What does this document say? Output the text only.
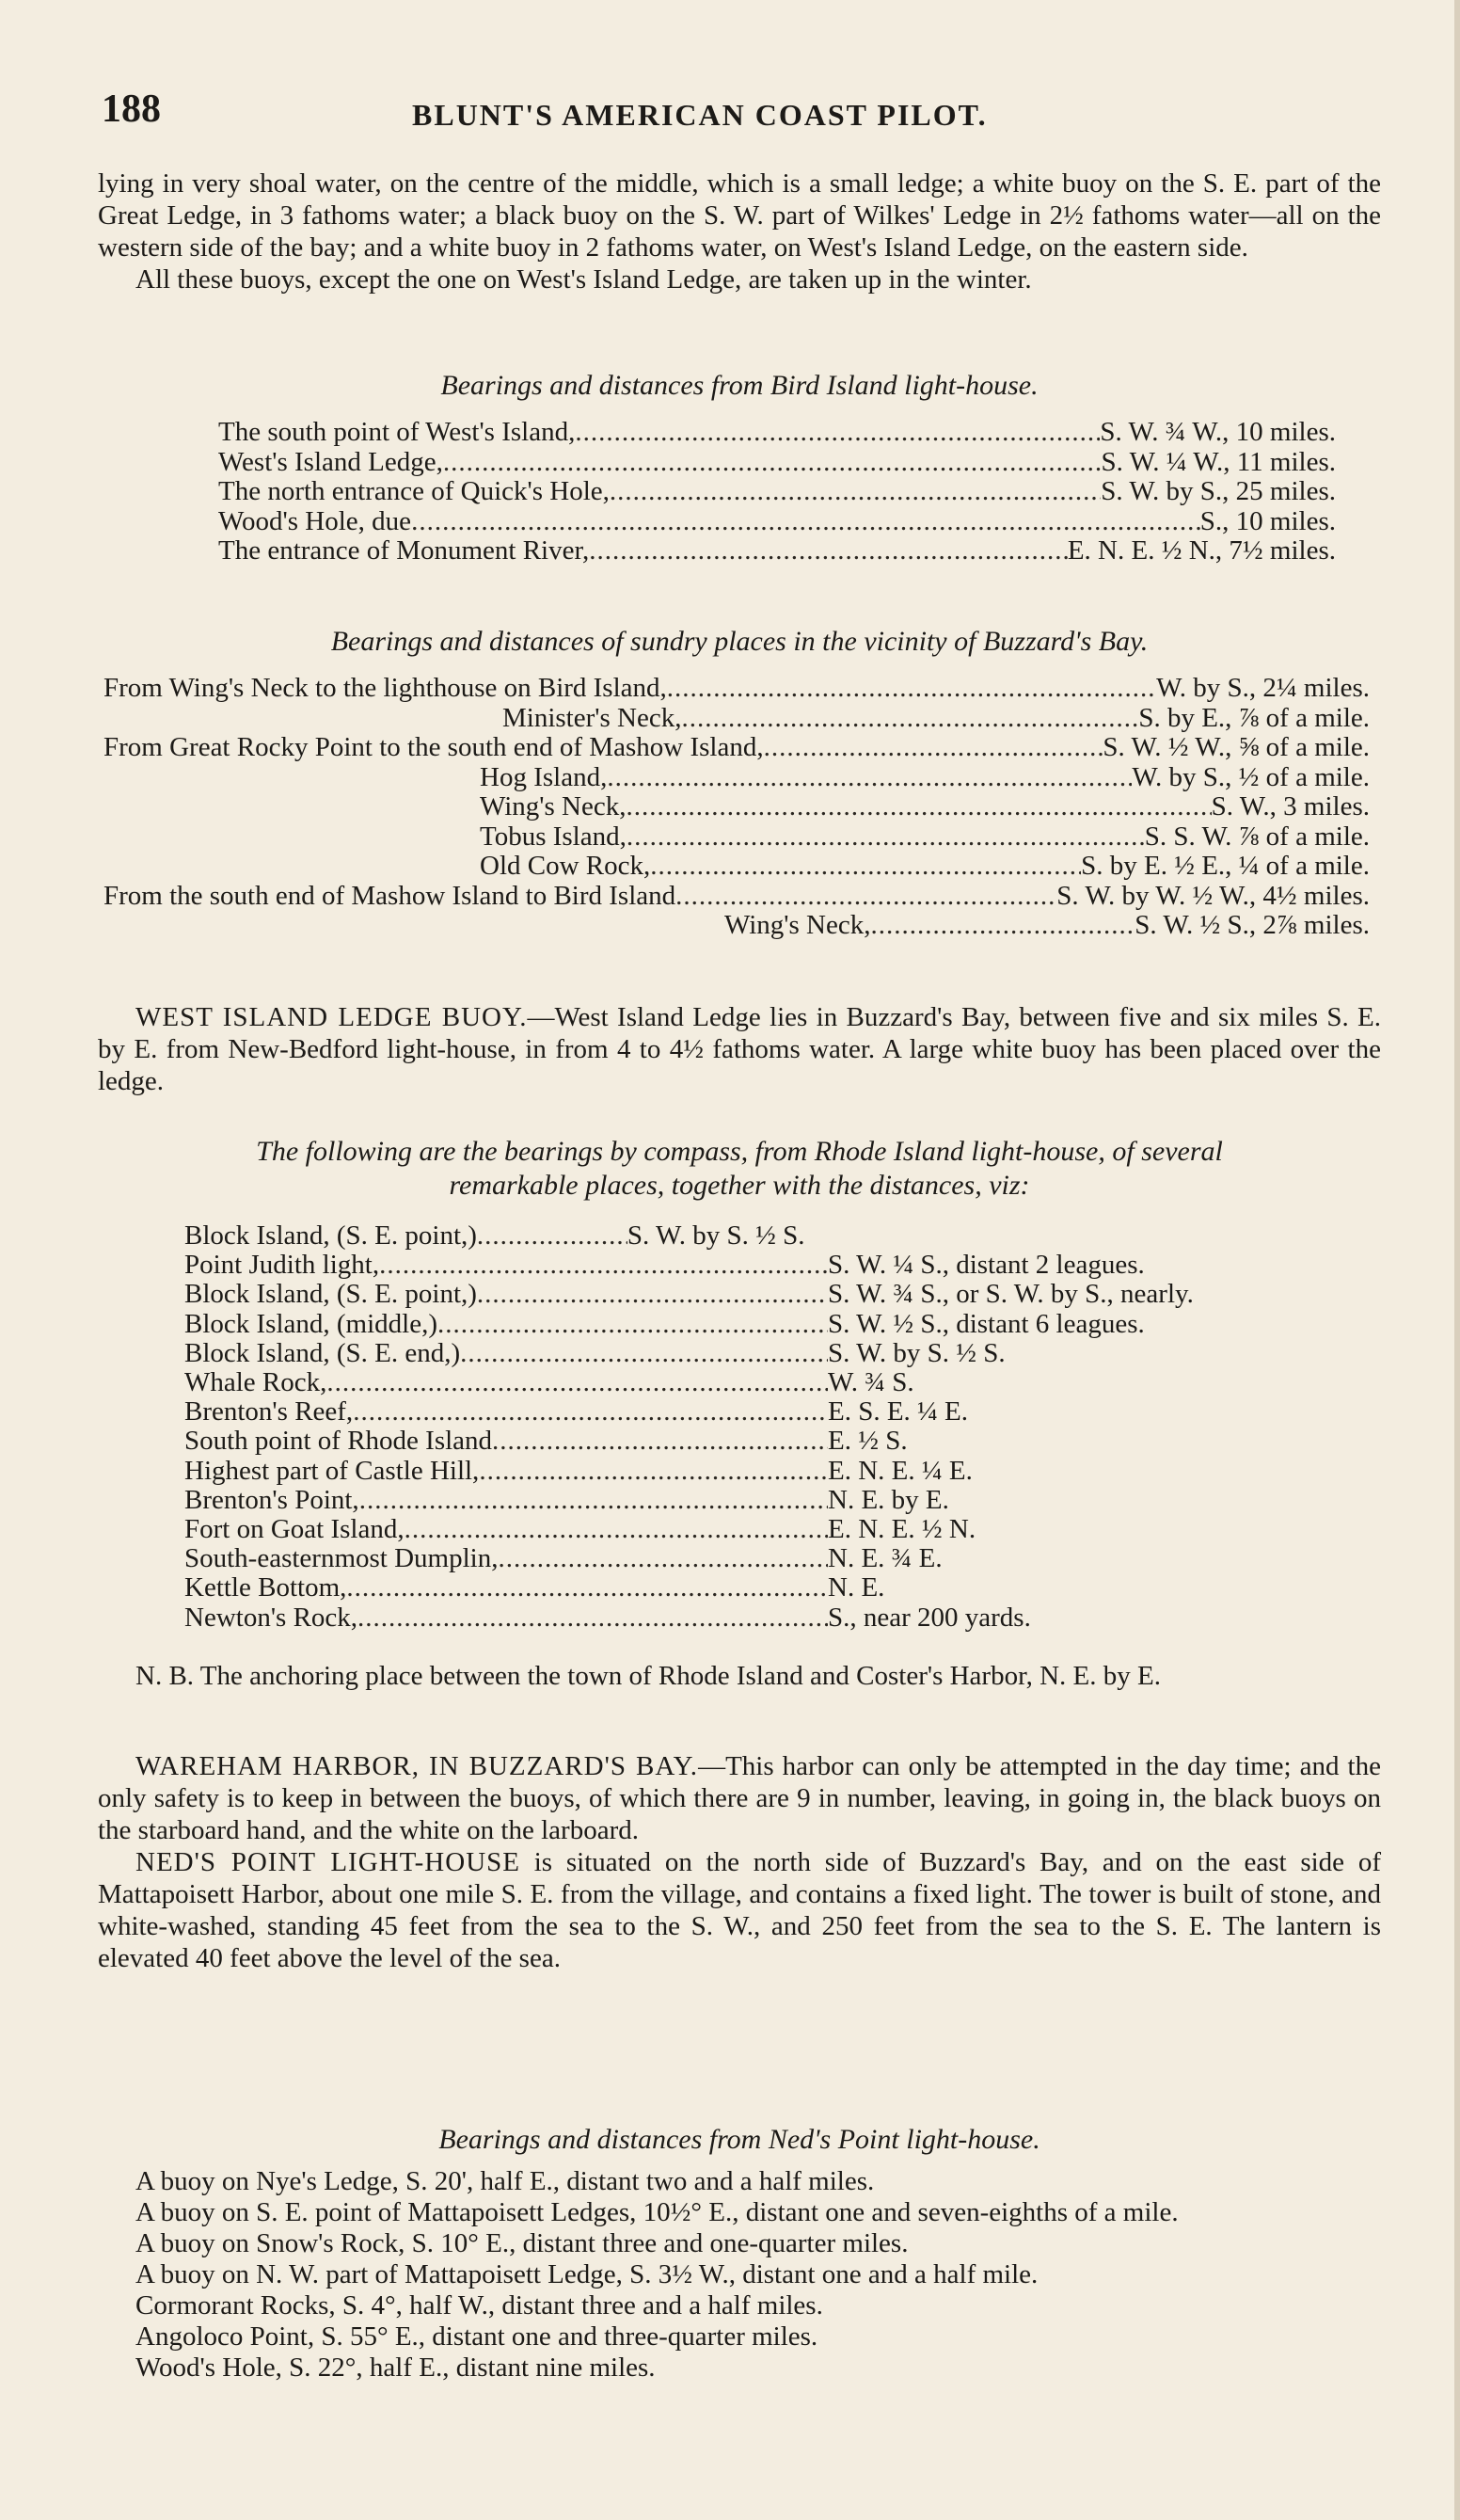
188	BLUNT'S AMERICAN COAST PILOT.

lying in very shoal water, on the centre of the middle, which is a small ledge; a white buoy on the S. E. part of the Great Ledge, in 3 fathoms water; a black buoy on the S. W. part of Wilkes' Ledge in 2½ fathoms water—all on the western side of the bay; and a white buoy in 2 fathoms water, on West's Island Ledge, on the eastern side.

All these buoys, except the one on West's Island Ledge, are taken up in the winter.

Bearings and distances from Bird Island light-house.
The south point of West's Island, .....	S. W. ¾ W., 10 miles.
West's Island Ledge, .....	S. W. ¼ W., 11 miles.
The north entrance of Quick's Hole, .....	S. W. by S., 25 miles.
Wood's Hole, due .....	S., 10 miles.
The entrance of Monument River, .....	E. N. E. ½ N., 7½ miles.
Bearings and distances of sundry places in the vicinity of Buzzard's Bay.
From Wing's Neck to the lighthouse on Bird Island, .....	W. by S., 2¼ miles.
Minister's Neck, .....	S. by E., ⅞ of a mile.
From Great Rocky Point to the south end of Mashow Island, .....	S. W. ½ W., ⅝ of a mile.
Hog Island, .....	W. by S., ½ of a mile.
Wing's Neck, .....	S. W., 3 miles.
Tobus Island, .....	S. S. W. ⅞ of a mile.
Old Cow Rock, .....	S. by E. ½ E., ¼ of a mile.
From the south end of Mashow Island to Bird Island .....	S. W. by W. ½ W., 4½ miles.
Wing's Neck, .....	S. W. ½ S., 2⅞ miles.

WEST ISLAND LEDGE BUOY.—West Island Ledge lies in Buzzard's Bay, between five and six miles S. E. by E. from New-Bedford light-house, in from 4 to 4½ fathoms water. A large white buoy has been placed over the ledge.

The following are the bearings by compass, from Rhode Island light-house, of several
remarkable places, together with the distances, viz:
Block Island, (S. E. point,) .....	S. W. by S. ½ S.
Point Judith light, .....	S. W. ¼ S., distant 2 leagues.
Block Island, (S. E. point,) .....	S. W. ¾ S., or S. W. by S., nearly.
Block Island, (middle,) .....	S. W. ½ S., distant 6 leagues.
Block Island, (S. E. end,) .....	S. W. by S. ½ S.
Whale Rock, .....	W. ¾ S.
Brenton's Reef, .....	E. S. E. ¼ E.
South point of Rhode Island .....	E. ½ S.
Highest part of Castle Hill, .....	E. N. E. ¼ E.
Brenton's Point, .....	N. E. by E.
Fort on Goat Island, .....	E. N. E. ½ N.
South-easternmost Dumplin, .....	N. E. ¾ E.
Kettle Bottom, .....	N. E.
Newton's Rock, .....	S., near 200 yards.

N. B. The anchoring place between the town of Rhode Island and Coster's Harbor, N. E. by E.

WAREHAM HARBOR, IN BUZZARD'S BAY.—This harbor can only be attempted in the day time; and the only safety is to keep in between the buoys, of which there are 9 in number, leaving, in going in, the black buoys on the starboard hand, and the white on the larboard.

NED'S POINT LIGHT-HOUSE is situated on the north side of Buzzard's Bay, and on the east side of Mattapoisett Harbor, about one mile S. E. from the village, and contains a fixed light. The tower is built of stone, and white-washed, standing 45 feet from the sea to the S. W., and 250 feet from the sea to the S. E. The lantern is elevated 40 feet above the level of the sea.

Bearings and distances from Ned's Point light-house.

A buoy on Nye's Ledge, S. 20', half E., distant two and a half miles.

A buoy on S. E. point of Mattapoisett Ledges, 10½° E., distant one and seven-eighths of a mile.

A buoy on Snow's Rock, S. 10° E., distant three and one-quarter miles.

A buoy on N. W. part of Mattapoisett Ledge, S. 3½ W., distant one and a half mile.

Cormorant Rocks, S. 4°, half W., distant three and a half miles.

Angoloco Point, S. 55° E., distant one and three-quarter miles.

Wood's Hole, S. 22°, half E., distant nine miles.
